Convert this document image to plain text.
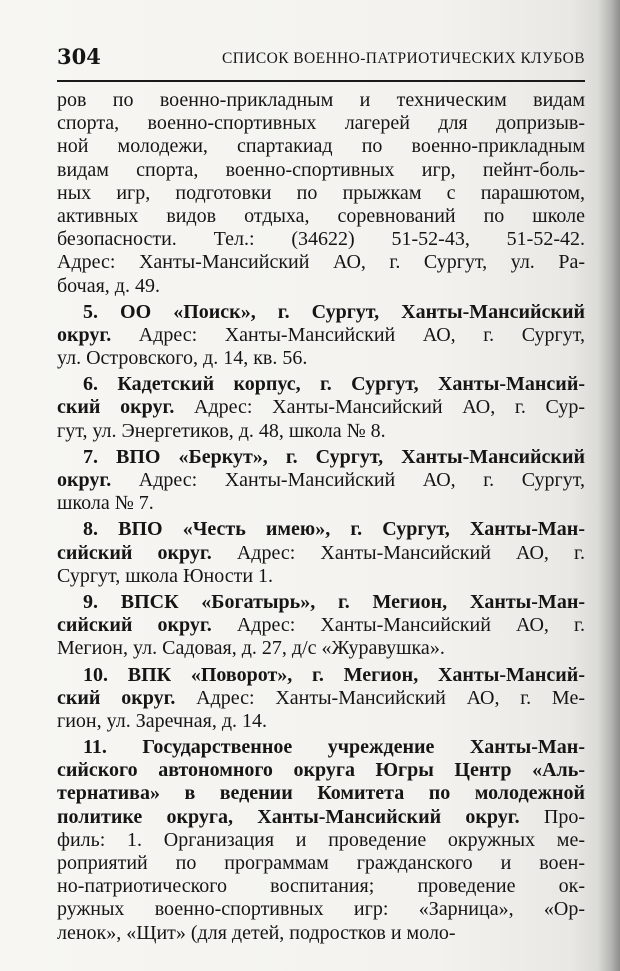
304	СПИСОК ВОЕННО-ПАТРИОТИЧЕСКИХ КЛУБОВ
ров по военно-прикладным и техническим видам
спорта, военно-спортивных лагерей для допризыв-
ной молодежи, спартакиад по военно-прикладным
видам спорта, военно-спортивных игр, пейнт-боль-
ных игр, подготовки по прыжкам с парашютом,
активных видов отдыха, соревнований по школе
безопасности. Тел.: (34622) 51-52-43, 51-52-42.
Адрес: Ханты-Мансийский АО, г. Сургут, ул. Ра-
бочая, д. 49.
5. ОО «Поиск», г. Сургут, Ханты-Мансийский
округ. Адрес: Ханты-Мансийский АО, г. Сургут,
ул. Островского, д. 14, кв. 56.
6. Кадетский корпус, г. Сургут, Ханты-Мансий-
ский округ. Адрес: Ханты-Мансийский АО, г. Сур-
гут, ул. Энергетиков, д. 48, школа № 8.
7. ВПО «Беркут», г. Сургут, Ханты-Мансийский
округ. Адрес: Ханты-Мансийский АО, г. Сургут,
школа № 7.
8. ВПО «Честь имею», г. Сургут, Ханты-Ман-
сийский округ. Адрес: Ханты-Мансийский АО, г.
Сургут, школа Юности 1.
9. ВПСК «Богатырь», г. Мегион, Ханты-Ман-
сийский округ. Адрес: Ханты-Мансийский АО, г.
Мегион, ул. Садовая, д. 27, д/с «Журавушка».
10. ВПК «Поворот», г. Мегион, Ханты-Мансий-
ский округ. Адрес: Ханты-Мансийский АО, г. Ме-
гион, ул. Заречная, д. 14.
11. Государственное учреждение Ханты-Ман-
сийского автономного округа Югры Центр «Аль-
тернатива» в ведении Комитета по молодежной
политике округа, Ханты-Мансийский округ. Про-
филь: 1. Организация и проведение окружных ме-
роприятий по программам гражданского и воен-
но-патриотического воспитания; проведение ок-
ружных военно-спортивных игр: «Зарница», «Ор-
ленок», «Щит» (для детей, подростков и моло-
